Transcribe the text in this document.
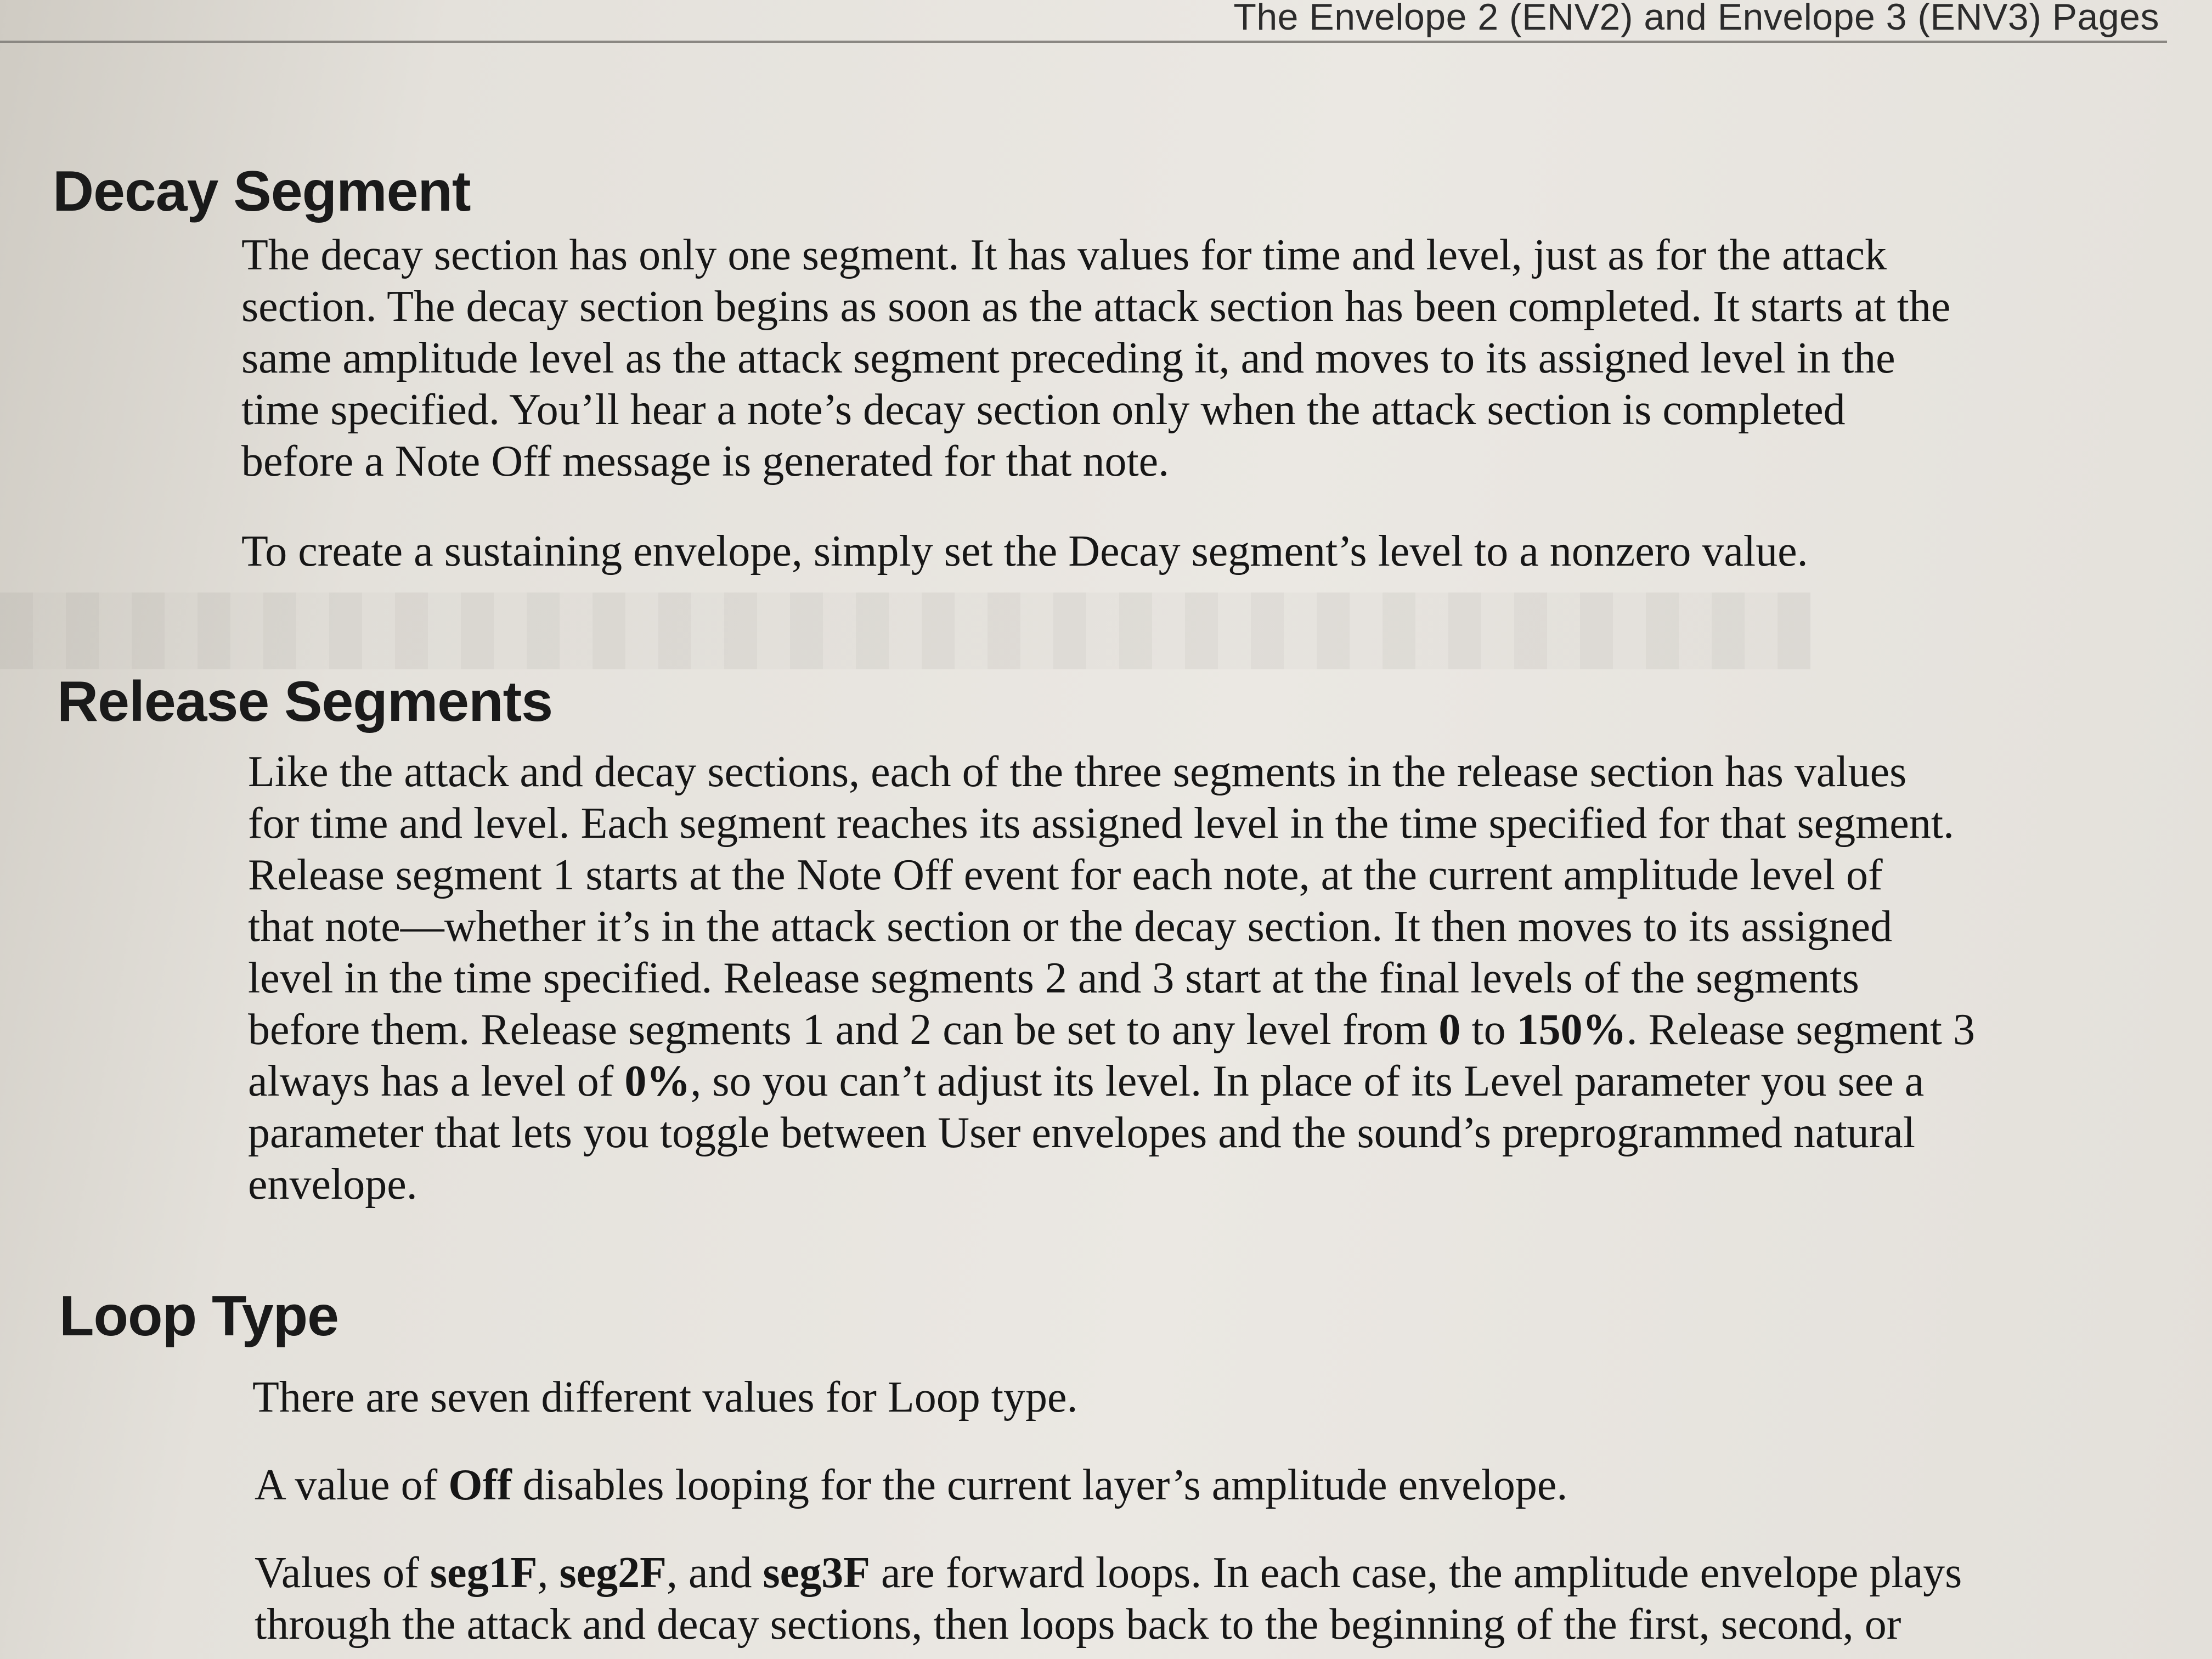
The Envelope 2 (ENV2) and Envelope 3 (ENV3) Pages
Decay Segment

The decay section has only one segment. It has values for time and level, just as for the attack
section. The decay section begins as soon as the attack section has been completed. It starts at the
same amplitude level as the attack segment preceding it, and moves to its assigned level in the
time specified. You’ll hear a note’s decay section only when the attack section is completed
before a Note Off message is generated for that note.

To create a sustaining envelope, simply set the Decay segment’s level to a nonzero value.

Release Segments

Like the attack and decay sections, each of the three segments in the release section has values
for time and level. Each segment reaches its assigned level in the time specified for that segment.
Release segment 1 starts at the Note Off event for each note, at the current amplitude level of
that note—whether it’s in the attack section or the decay section. It then moves to its assigned
level in the time specified. Release segments 2 and 3 start at the final levels of the segments
before them. Release segments 1 and 2 can be set to any level from 0 to 150%. Release segment 3
always has a level of 0%, so you can’t adjust its level. In place of its Level parameter you see a
parameter that lets you toggle between User envelopes and the sound’s preprogrammed natural
envelope.

Loop Type

There are seven different values for Loop type.

A value of Off disables looping for the current layer’s amplitude envelope.

Values of seg1F, seg2F, and seg3F are forward loops. In each case, the amplitude envelope plays
through the attack and decay sections, then loops back to the beginning of the first, second, or
